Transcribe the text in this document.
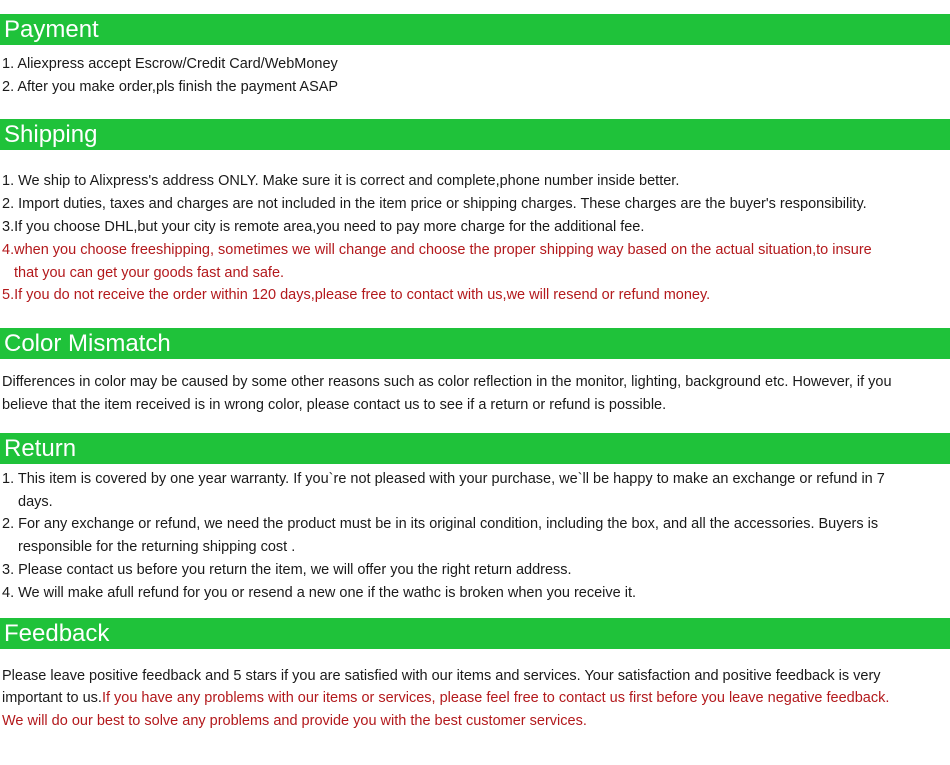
Payment
1. Aliexpress accept Escrow/Credit Card/WebMoney
2. After you make order,pls finish the payment ASAP
Shipping
1. We ship to Alixpress's address ONLY. Make sure it is correct and complete,phone number inside better.
2. Import duties, taxes and charges are not included in the item price or shipping charges. These charges are the buyer's responsibility.
3.If you choose DHL,but your city is remote area,you need to pay more charge for the additional fee.
4.when you choose freeshipping, sometimes we will change and choose the proper shipping way based on the actual situation,to insure
that you can get your goods fast and safe.
5.If you do not receive the order within 120 days,please free to contact with us,we will resend or refund money.
Color Mismatch
Differences in color may be caused by some other reasons such as color reflection in the monitor, lighting, background etc. However, if you
believe that the item received is in wrong color, please contact us to see if a return or refund is possible.
Return
1. This item is covered by one year warranty. If you`re not pleased with your purchase, we`ll be happy to make an exchange or refund in 7
days.
2. For any exchange or refund, we need the product must be in its original condition, including the box, and all the accessories. Buyers is
responsible for the returning shipping cost .
3. Please contact us before you return the item, we will offer you the right return address.
4. We will make afull refund for you or resend a new one if the wathc is broken when you receive it.
Feedback
Please leave positive feedback and 5 stars if you are satisfied with our items and services. Your satisfaction and positive feedback is very
important to us.If you have any problems with our items or services, please feel free to contact us first before you leave negative feedback.
We will do our best to solve any problems and provide you with the best customer services.
